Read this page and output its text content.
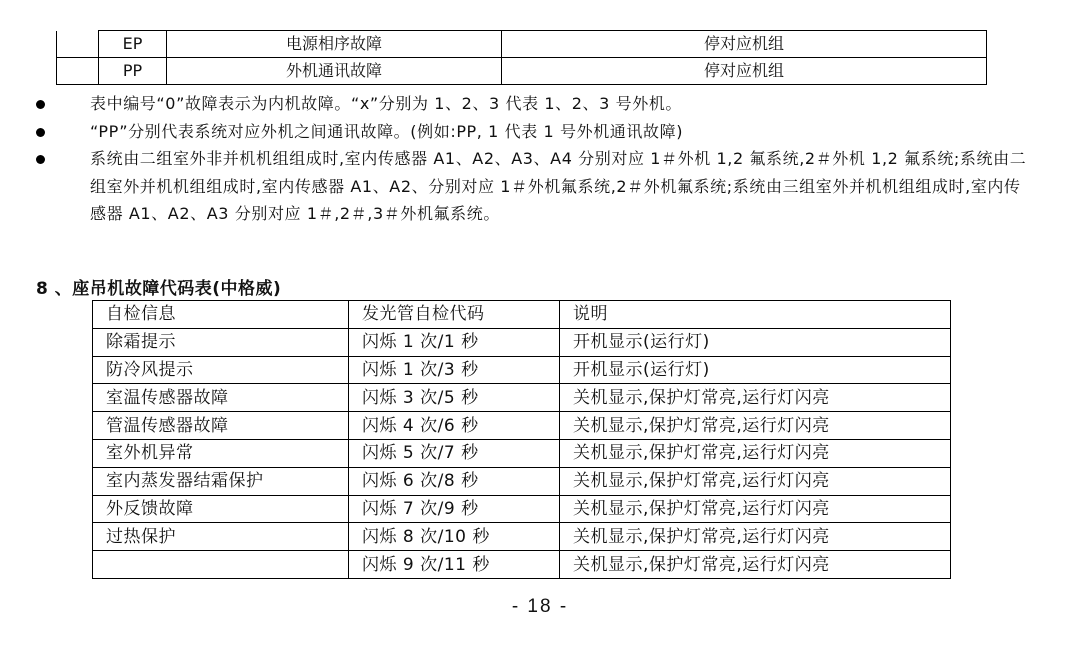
	EP	电源相序故障	停对应机组
	PP	外机通讯故障	停对应机组
表中编号“0”故障表示为内机故障。“x”分别为 1、2、3 代表 1、2、3 号外机。
“PP”分别代表系统对应外机之间通讯故障。(例如:PP, 1 代表 1 号外机通讯故障)
系统由二组室外非并机机组组成时,室内传感器 A1、A2、A3、A4 分别对应 1＃外机 1,2 氟系统,2＃外机 1,2 氟系统;系统由二组室外并机机组组成时,室内传感器 A1、A2、分别对应 1＃外机氟系统,2＃外机氟系统;系统由三组室外并机机组组成时,室内传感器 A1、A2、A3 分别对应 1＃,2＃,3＃外机氟系统。
8 、座吊机故障代码表(中格威)
自检信息	发光管自检代码	说明
除霜提示	闪烁 1 次/1 秒	开机显示(运行灯)
防冷风提示	闪烁 1 次/3 秒	开机显示(运行灯)
室温传感器故障	闪烁 3 次/5 秒	关机显示,保护灯常亮,运行灯闪亮
管温传感器故障	闪烁 4 次/6 秒	关机显示,保护灯常亮,运行灯闪亮
室外机异常	闪烁 5 次/7 秒	关机显示,保护灯常亮,运行灯闪亮
室内蒸发器结霜保护	闪烁 6 次/8 秒	关机显示,保护灯常亮,运行灯闪亮
外反馈故障	闪烁 7 次/9 秒	关机显示,保护灯常亮,运行灯闪亮
过热保护	闪烁 8 次/10 秒	关机显示,保护灯常亮,运行灯闪亮
	闪烁 9 次/11 秒	关机显示,保护灯常亮,运行灯闪亮
- 18 -
